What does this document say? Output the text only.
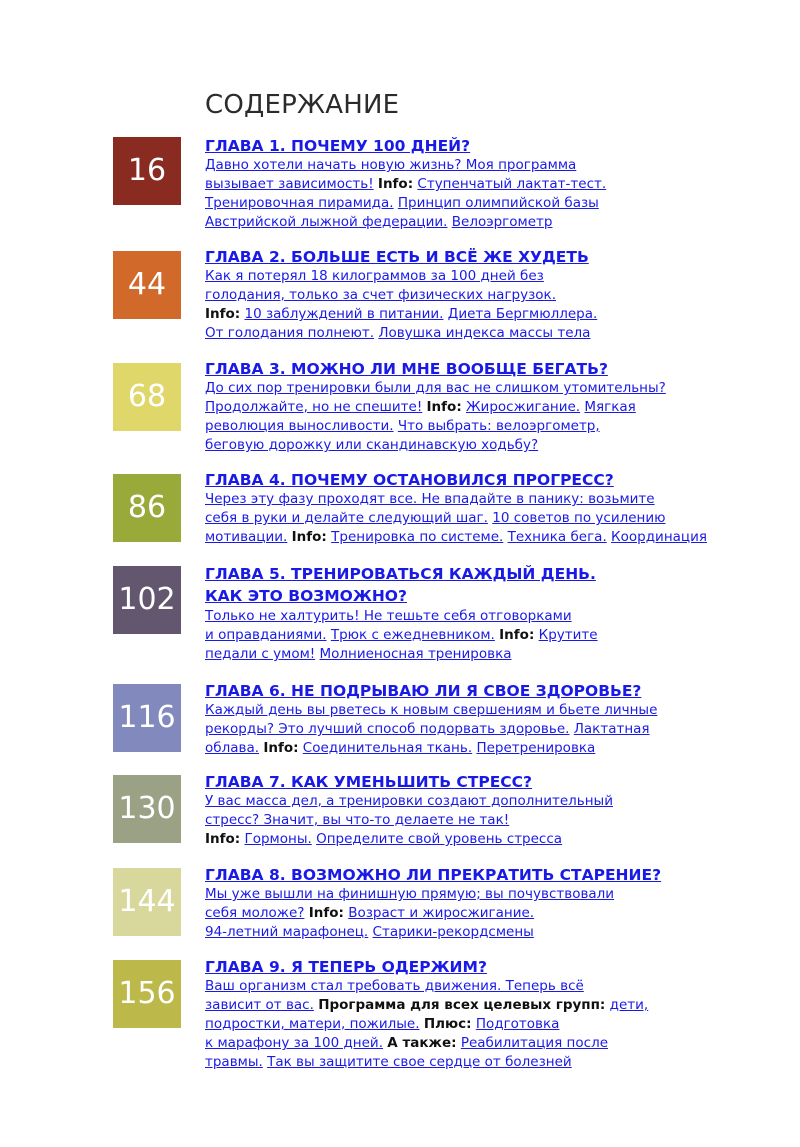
СОДЕРЖАНИЕ
16

ГЛАВА 1. ПОЧЕМУ 100 ДНЕЙ?

Давно хотели начать новую жизнь? Моя программа

вызывает зависимость! Info: Ступенчатый лактат-тест.

Тренировочная пирамида. Принцип олимпийской базы

Австрийской лыжной федерации. Велоэргометр

44

ГЛАВА 2. БОЛЬШЕ ЕСТЬ И ВСЁ ЖЕ ХУДЕТЬ

Как я потерял 18 килограммов за 100 дней без

голодания, только за счет физических нагрузок.

Info: 10 заблуждений в питании. Диета Бергмюллера.

От голодания полнеют. Ловушка индекса массы тела

68

ГЛАВА 3. МОЖНО ЛИ МНЕ ВООБЩЕ БЕГАТЬ?

До сих пор тренировки были для вас не слишком утомительны?

Продолжайте, но не спешите! Info: Жиросжигание. Мягкая

революция выносливости. Что выбрать: велоэргометр,

беговую дорожку или скандинавскую ходьбу?

86

ГЛАВА 4. ПОЧЕМУ ОСТАНОВИЛСЯ ПРОГРЕСС?

Через эту фазу проходят все. Не впадайте в панику: возьмите

себя в руки и делайте следующий шаг. 10 советов по усилению

мотивации. Info: Тренировка по системе. Техника бега. Координация

102

ГЛАВА 5. ТРЕНИРОВАТЬСЯ КАЖДЫЙ ДЕНЬ.

КАК ЭТО ВОЗМОЖНО?

Только не халтурить! Не тешьте себя отговорками

и оправданиями. Трюк с ежедневником. Info: Крутите

педали с умом! Молниеносная тренировка

116

ГЛАВА 6. НЕ ПОДРЫВАЮ ЛИ Я СВОЕ ЗДОРОВЬЕ?

Каждый день вы рветесь к новым свершениям и бьете личные

рекорды? Это лучший способ подорвать здоровье. Лактатная

облава. Info: Соединительная ткань. Перетренировка

130

ГЛАВА 7. КАК УМЕНЬШИТЬ СТРЕСС?

У вас масса дел, а тренировки создают дополнительный

стресс? Значит, вы что-то делаете не так!

Info: Гормоны. Определите свой уровень стресса

144

ГЛАВА 8. ВОЗМОЖНО ЛИ ПРЕКРАТИТЬ СТАРЕНИЕ?

Мы уже вышли на финишную прямую; вы почувствовали

себя моложе? Info: Возраст и жиросжигание.

94-летний марафонец. Старики-рекордсмены

156

ГЛАВА 9. Я ТЕПЕРЬ ОДЕРЖИМ?

Ваш организм стал требовать движения. Теперь всё

зависит от вас. Программа для всех целевых групп: дети,

подростки, матери, пожилые. Плюс: Подготовка

к марафону за 100 дней. А также: Реабилитация после

травмы. Так вы защитите свое сердце от болезней
